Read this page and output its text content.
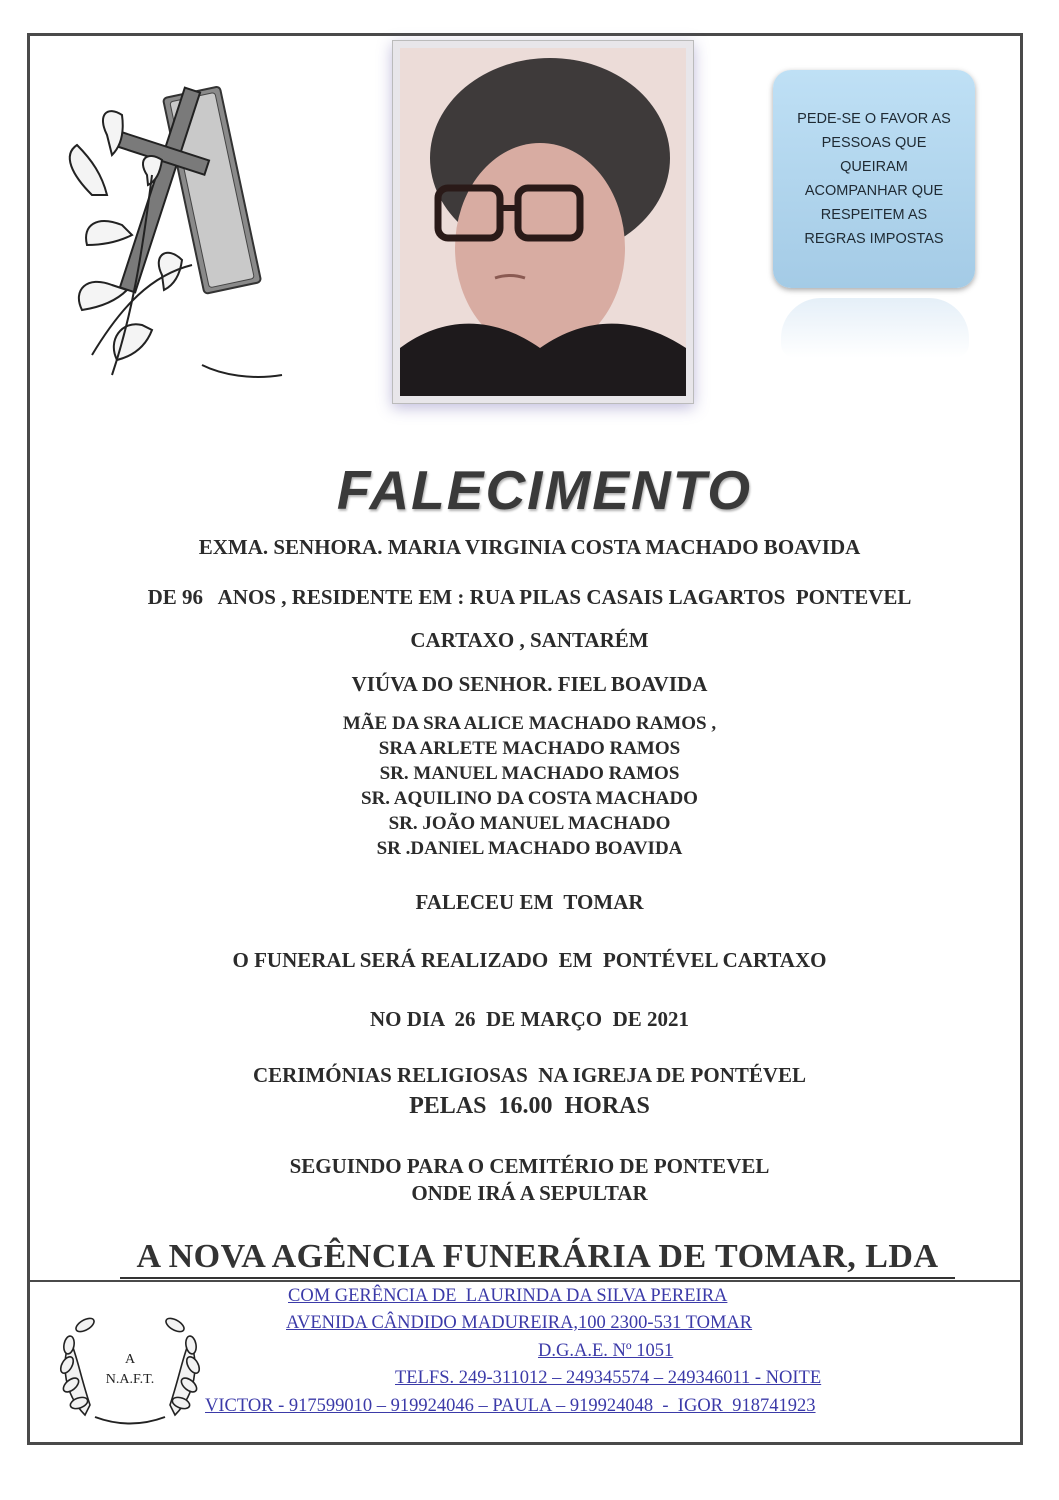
PEDE-SE O FAVOR AS
PESSOAS QUE
QUEIRAM
ACOMPANHAR QUE
RESPEITEM AS
REGRAS IMPOSTAS
FALECIMENTO
EXMA. SENHORA. MARIA VIRGINIA COSTA MACHADO BOAVIDA
DE 96   ANOS , RESIDENTE EM : RUA PILAS CASAIS LAGARTOS  PONTEVEL
CARTAXO , SANTARÉM
VIÚVA DO SENHOR. FIEL BOAVIDA
MÃE DA SRA ALICE MACHADO RAMOS ,
SRA ARLETE MACHADO RAMOS
SR. MANUEL MACHADO RAMOS
SR. AQUILINO DA COSTA MACHADO
SR. JOÃO MANUEL MACHADO
SR .DANIEL MACHADO BOAVIDA
FALECEU EM  TOMAR
O FUNERAL SERÁ REALIZADO  EM  PONTÉVEL CARTAXO
NO DIA  26  DE MARÇO  DE 2021
CERIMÓNIAS RELIGIOSAS  NA IGREJA DE PONTÉVEL
PELAS  16.00  HORAS
SEGUINDO PARA O CEMITÉRIO DE PONTEVEL
ONDE IRÁ A SEPULTAR
A NOVA AGÊNCIA FUNERÁRIA DE TOMAR, LDA
A
N.A.F.T.
COM GERÊNCIA DE  LAURINDA DA SILVA PEREIRA
AVENIDA CÂNDIDO MADUREIRA,100 2300-531 TOMAR
D.G.A.E. Nº 1051
TELFS. 249-311012 – 249345574 – 249346011 - NOITE
VICTOR - 917599010 – 919924046 – PAULA – 919924048  -  IGOR  918741923
